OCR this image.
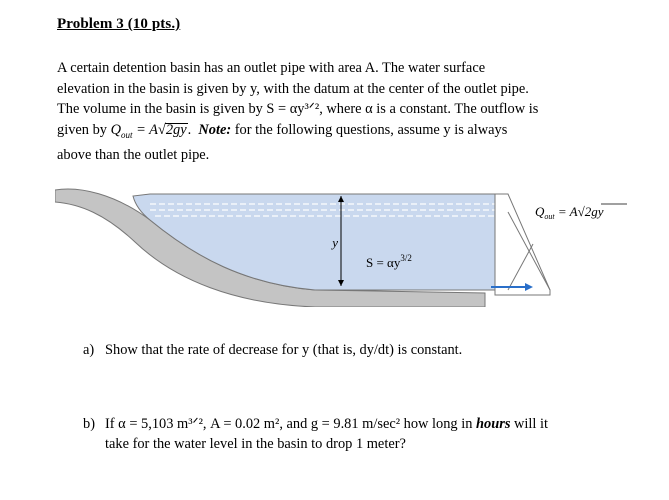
Problem 3 (10 pts.)
A certain detention basin has an outlet pipe with area A. The water surface
elevation in the basin is given by y, with the datum at the center of the outlet pipe.
The volume in the basin is given by S = αy³ᐟ², where α is a constant. The outflow is
given by $Q_{out} = A√2gy$.  Note: for the following questions, assume y is always
above than the outlet pipe.
y
$S = \alpha y^{3/2}$
$Q_{out} = A√2gy$
a) Show that the rate of decrease for y (that is, dy/dt) is constant.
b) If α = 5,103 m³ᐟ², A = 0.02 m², and g = 9.81 m/sec² how long in hours will it
take for the water level in the basin to drop 1 meter?
